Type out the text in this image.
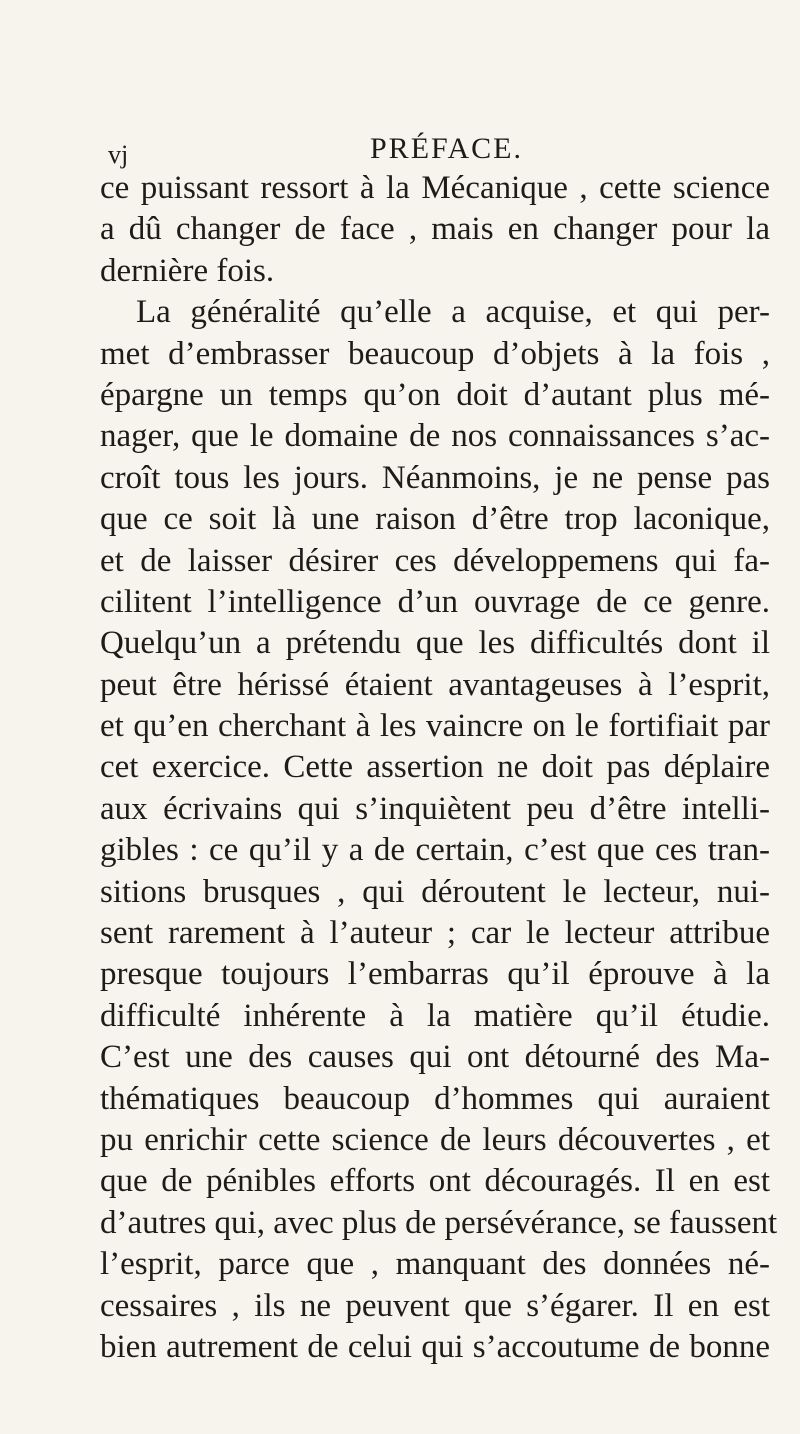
vj	PRÉFACE.
ce puissant ressort à la Mécanique , cette science
a dû changer de face , mais en changer pour la
dernière fois.
La généralité qu’elle a acquise, et qui per-
met d’embrasser beaucoup d’objets à la fois ,
épargne un temps qu’on doit d’autant plus mé-
nager, que le domaine de nos connaissances s’ac-
croît tous les jours. Néanmoins, je ne pense pas
que ce soit là une raison d’être trop laconique,
et de laisser désirer ces développemens qui fa-
cilitent l’intelligence d’un ouvrage de ce genre.
Quelqu’un a prétendu que les difficultés dont il
peut être hérissé étaient avantageuses à l’esprit,
et qu’en cherchant à les vaincre on le fortifiait par
cet exercice. Cette assertion ne doit pas déplaire
aux écrivains qui s’inquiètent peu d’être intelli-
gibles : ce qu’il y a de certain, c’est que ces tran-
sitions brusques , qui déroutent le lecteur, nui-
sent rarement à l’auteur ; car le lecteur attribue
presque toujours l’embarras qu’il éprouve à la
difficulté inhérente à la matière qu’il étudie.
C’est une des causes qui ont détourné des Ma-
thématiques beaucoup d’hommes qui auraient
pu enrichir cette science de leurs découvertes , et
que de pénibles efforts ont découragés. Il en est
d’autres qui, avec plus de persévérance, se faussent
l’esprit, parce que , manquant des données né-
cessaires , ils ne peuvent que s’égarer. Il en est
bien autrement de celui qui s’accoutume de bonne
